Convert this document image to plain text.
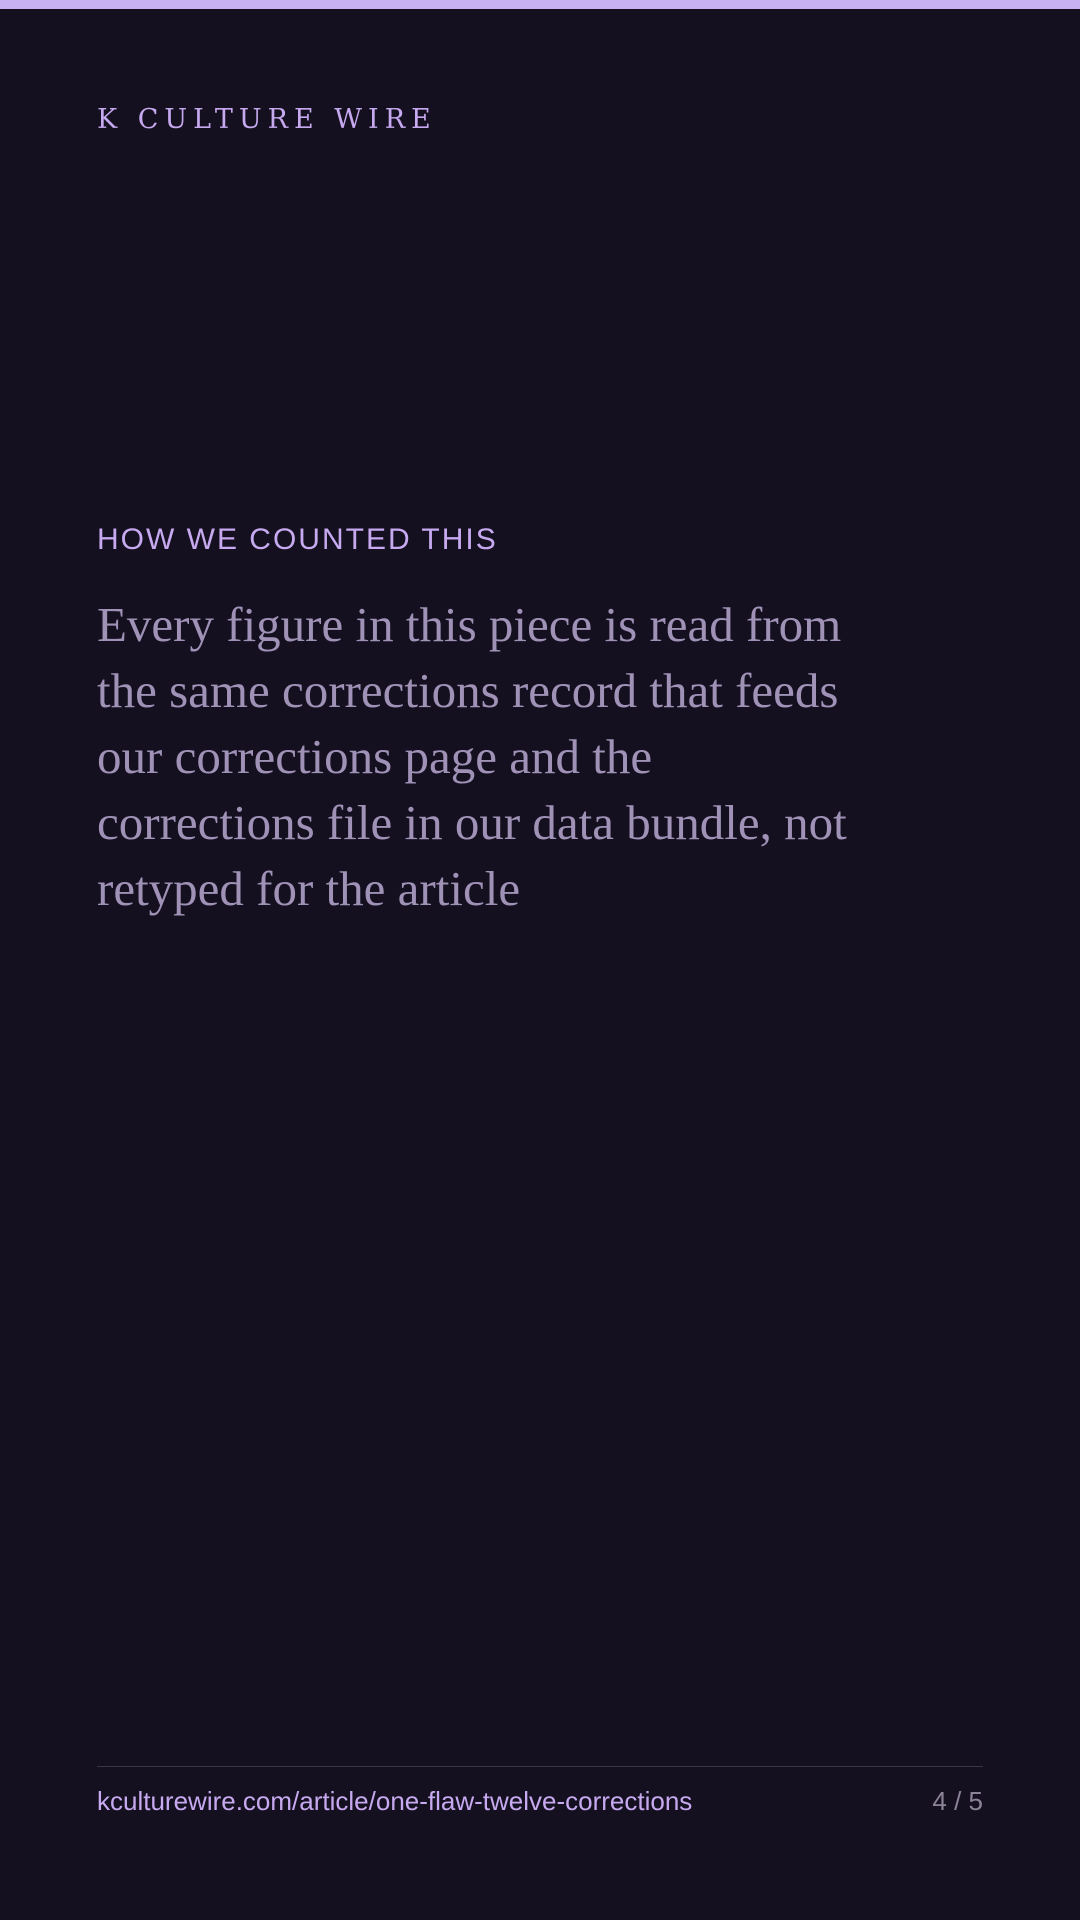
K CULTURE WIRE

HOW WE COUNTED THIS

Every figure in this piece is read from the same corrections record that feeds our corrections page and the corrections file in our data bundle, not retyped for the article

kculturewire.com/article/one-flaw-twelve-corrections	4 / 5
